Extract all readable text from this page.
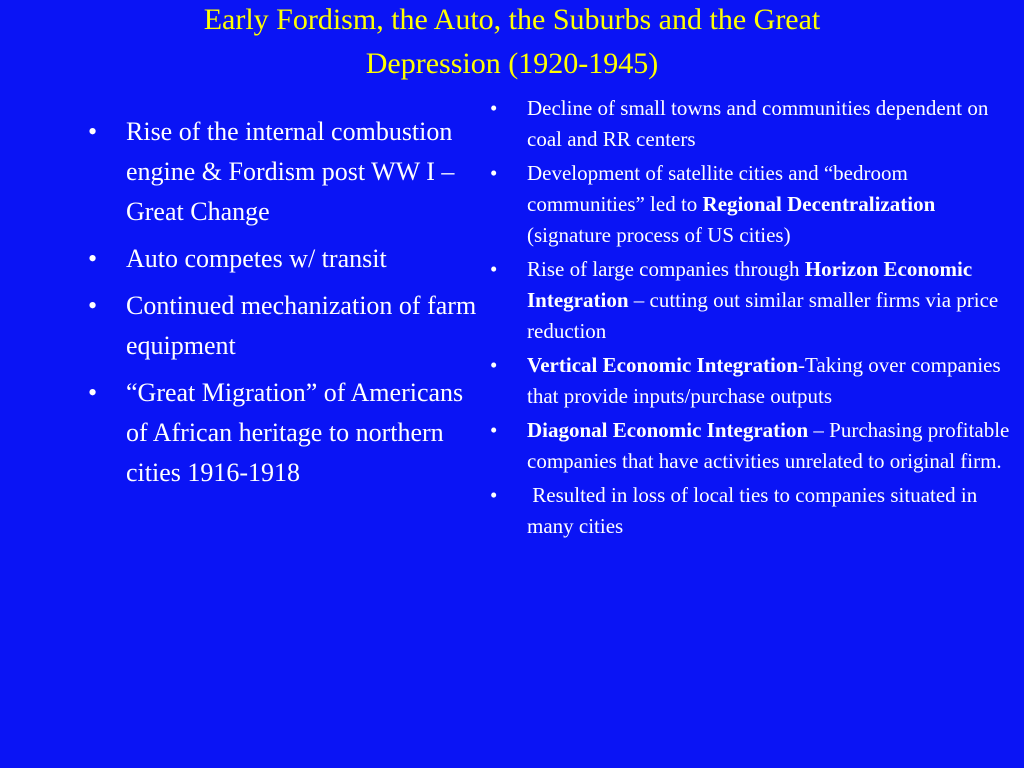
Early Fordism, the Auto, the Suburbs and the Great
Depression (1920-1945)
• Rise of the internal combustion engine & Fordism post WW I – Great Change
• Auto competes w/ transit
• Continued mechanization of farm equipment
• “Great Migration” of Americans of African heritage to northern cities 1916-1918
• Decline of small towns and communities dependent on coal and RR centers
• Development of satellite cities and “bedroom communities” led to Regional Decentralization (signature process of US cities)
• Rise of large companies through Horizon Economic Integration – cutting out similar smaller firms via price reduction
• Vertical Economic Integration-Taking over companies that provide inputs/purchase outputs
• Diagonal Economic Integration – Purchasing profitable companies that have activities unrelated to original firm.
• Resulted in loss of local ties to companies situated in many cities
